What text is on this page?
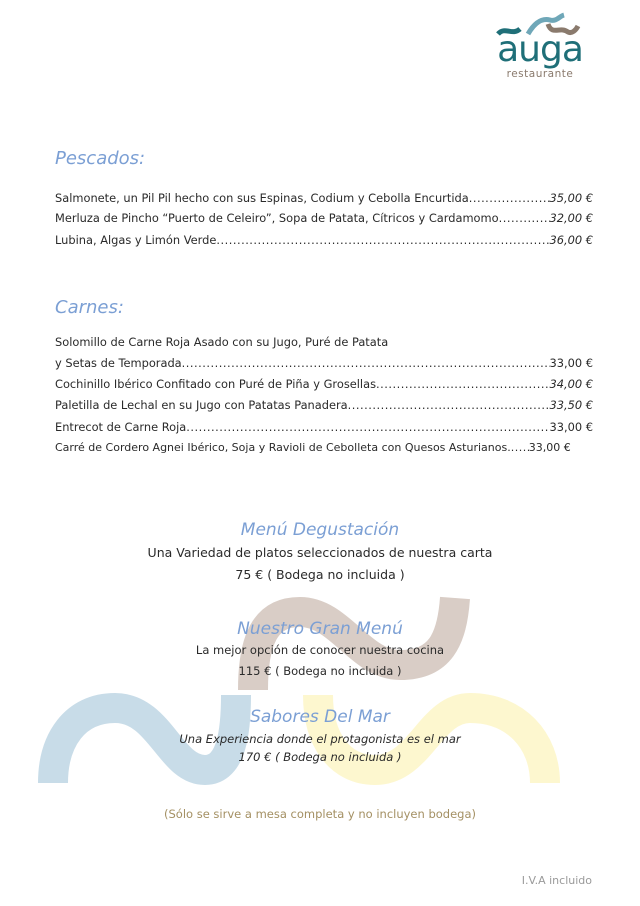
auga
restaurante
Pescados:
Salmonete, un Pil Pil hecho con sus Espinas, Codium y Cebolla Encurtida .....	35,00 €
Merluza de Pincho “Puerto de Celeiro”, Sopa de Patata, Cítricos y Cardamomo .....	32,00 €
Lubina, Algas y Limón Verde .....	36,00 €
Carnes:
Solomillo de Carne Roja Asado con su Jugo, Puré de Patata
y Setas de Temporada .....	33,00 €
Cochinillo Ibérico Confitado con Puré de Piña y Grosellas .....	34,00 €
Paletilla de Lechal en su Jugo con Patatas Panadera .....	33,50 €
Entrecot de Carne Roja .....	33,00 €
Carré de Cordero Agnei Ibérico, Soja y Ravioli de Cebolleta con Quesos Asturianos. ..... 33,00 €
Menú Degustación
Una Variedad de platos seleccionados de nuestra carta
75 € ( Bodega no incluida )
Nuestro Gran Menú
La mejor opción de conocer nuestra cocina
115 € ( Bodega no incluida )
Sabores Del Mar
Una Experiencia donde el protagonista es el mar
170 € ( Bodega no incluida )
(Sólo se sirve a mesa completa y no incluyen bodega)
I.V.A incluido
